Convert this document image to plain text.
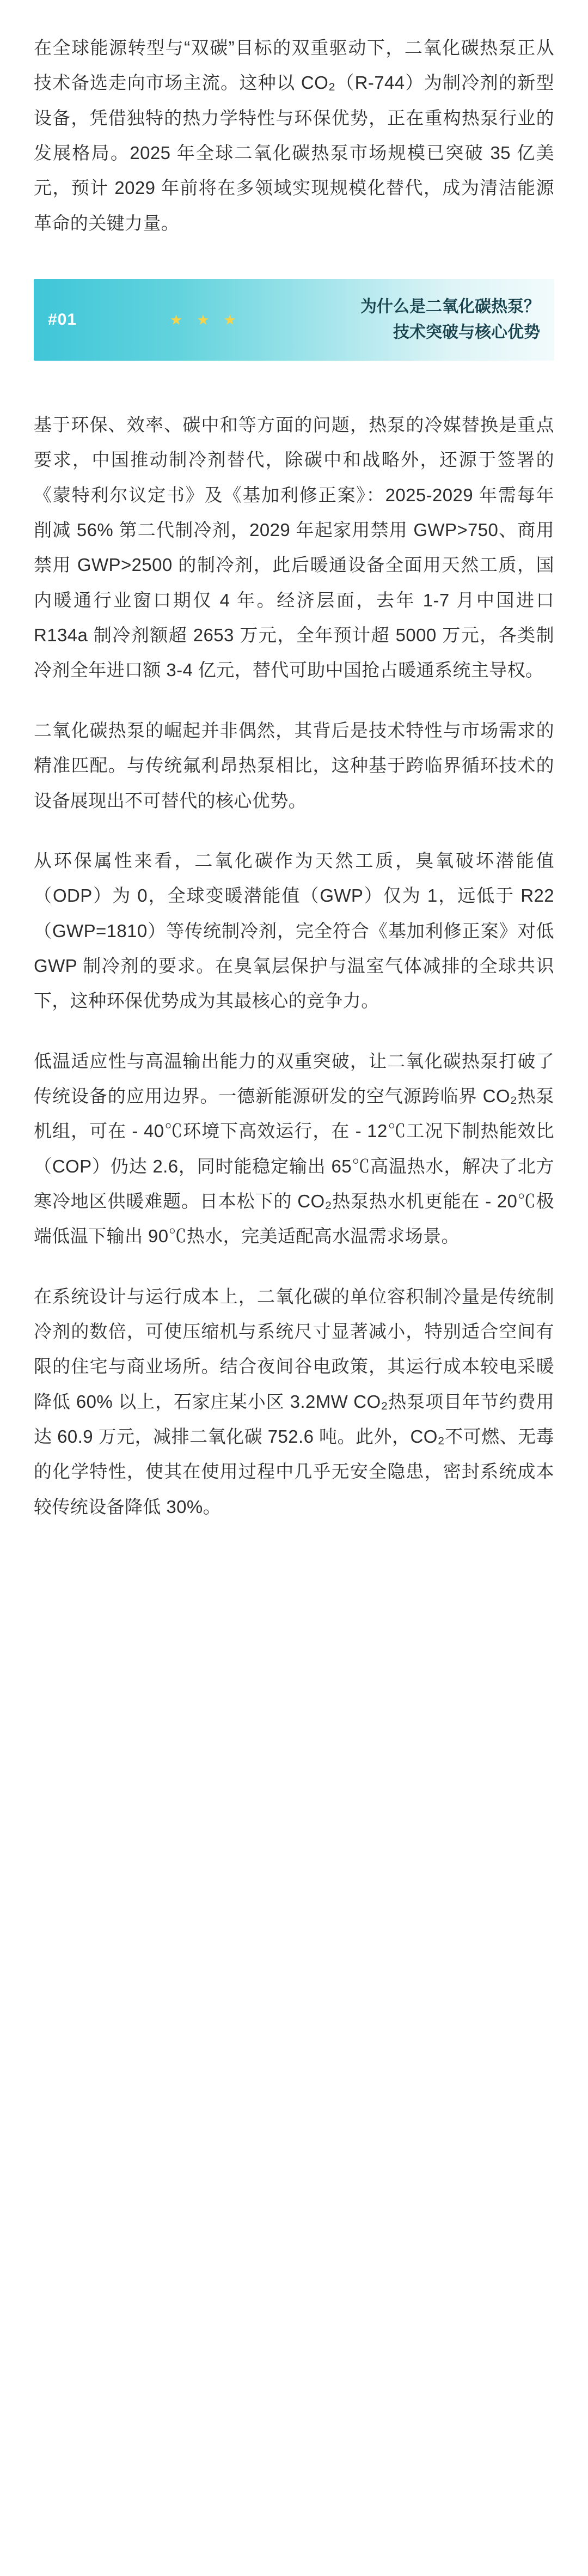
在全球能源转型与“双碳”目标的双重驱动下，二氧化碳热泵正从技术备选走向市场主流。这种以 CO₂（R-744）为制冷剂的新型设备，凭借独特的热力学特性与环保优势，正在重构热泵行业的发展格局。2025 年全球二氧化碳热泵市场规模已突破 35 亿美元，预计 2029 年前将在多领域实现规模化替代，成为清洁能源革命的关键力量。

#01	★ ★ ★
为什么是二氧化碳热泵？
技术突破与核心优势

基于环保、效率、碳中和等方面的问题，热泵的冷媒替换是重点要求，中国推动制冷剂替代，除碳中和战略外，还源于签署的《蒙特利尔议定书》及《基加利修正案》：2025-2029 年需每年削减 56% 第二代制冷剂，2029 年起家用禁用 GWP>750、商用禁用 GWP>2500 的制冷剂，此后暖通设备全面用天然工质，国内暖通行业窗口期仅 4 年。经济层面，去年 1-7 月中国进口 R134a 制冷剂额超 2653 万元，全年预计超 5000 万元，各类制冷剂全年进口额 3-4 亿元，替代可助中国抢占暖通系统主导权。

二氧化碳热泵的崛起并非偶然，其背后是技术特性与市场需求的精准匹配。与传统氟利昂热泵相比，这种基于跨临界循环技术的设备展现出不可替代的核心优势。

从环保属性来看，二氧化碳作为天然工质，臭氧破坏潜能值（ODP）为 0，全球变暖潜能值（GWP）仅为 1，远低于 R22（GWP=1810）等传统制冷剂，完全符合《基加利修正案》对低 GWP 制冷剂的要求。在臭氧层保护与温室气体减排的全球共识下，这种环保优势成为其最核心的竞争力。

低温适应性与高温输出能力的双重突破，让二氧化碳热泵打破了传统设备的应用边界。一德新能源研发的空气源跨临界 CO₂热泵机组，可在 - 40℃环境下高效运行，在 - 12℃工况下制热能效比（COP）仍达 2.6，同时能稳定输出 65℃高温热水，解决了北方寒冷地区供暖难题。日本松下的 CO₂热泵热水机更能在 - 20℃极端低温下输出 90℃热水，完美适配高水温需求场景。

在系统设计与运行成本上，二氧化碳的单位容积制冷量是传统制冷剂的数倍，可使压缩机与系统尺寸显著减小，特别适合空间有限的住宅与商业场所。结合夜间谷电政策，其运行成本较电采暖降低 60% 以上，石家庄某小区 3.2MW CO₂热泵项目年节约费用达 60.9 万元，减排二氧化碳 752.6 吨。此外，CO₂不可燃、无毒的化学特性，使其在使用过程中几乎无安全隐患，密封系统成本较传统设备降低 30%。
